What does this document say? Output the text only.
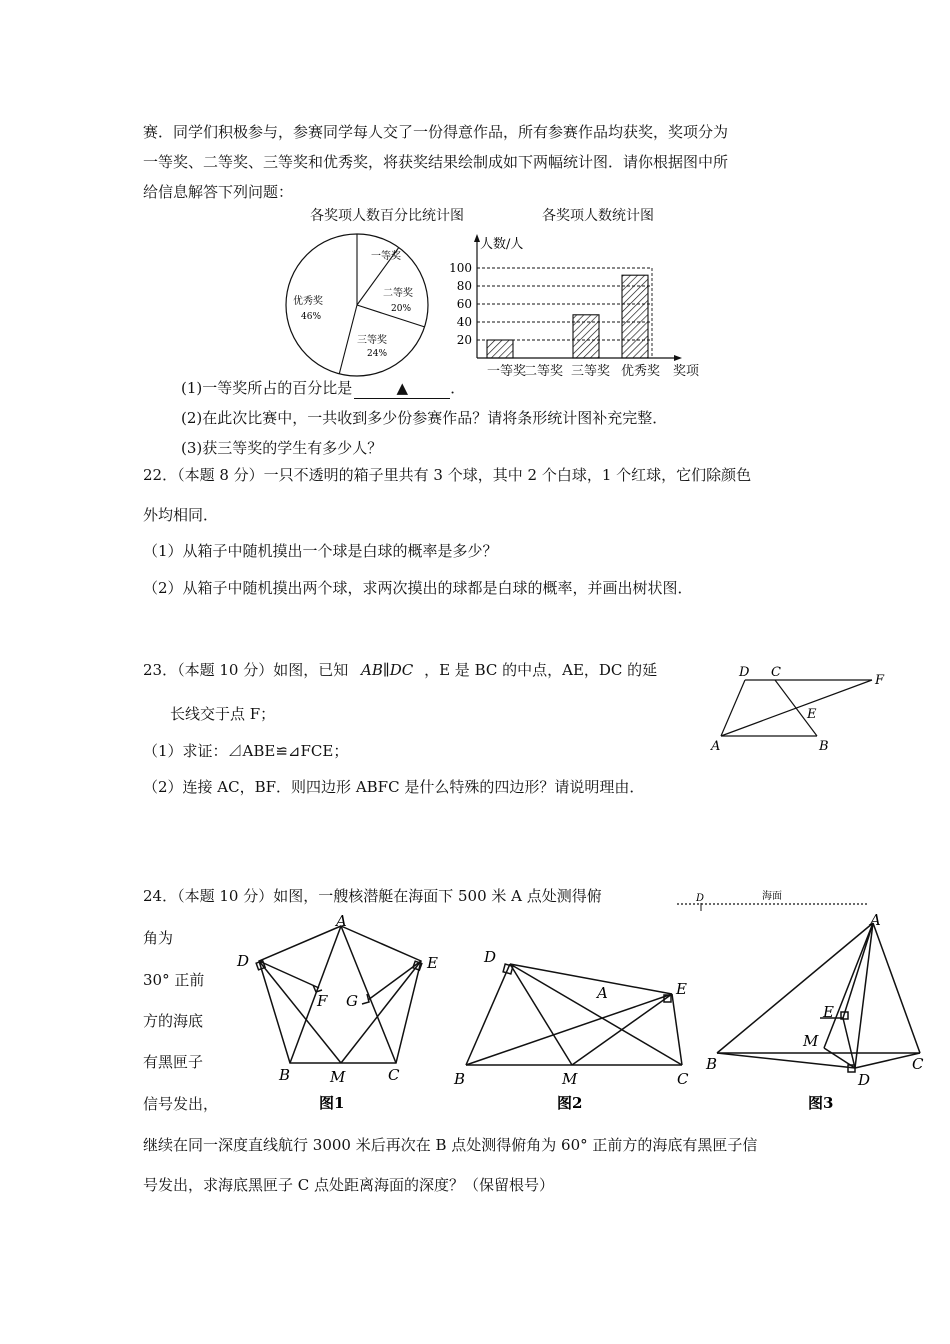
赛．同学们积极参与，参赛同学每人交了一份得意作品，所有参赛作品均获奖，奖项分为
一等奖、二等奖、三等奖和优秀奖，将获奖结果绘制成如下两幅统计图．请你根据图中所
给信息解答下列问题：
各奖项人数百分比统计图	各奖项人数统计图
一等奖
二等奖
20%
三等奖
24%
优秀奖
46%
人数/人
20
40
60
80
100
一等奖
二等奖 三等奖 优秀奖 奖项
(1)一等奖所占的百分比是	▲	．
(2)在此次比赛中，一共收到多少份参赛作品？请将条形统计图补充完整．
(3)获三等奖的学生有多少人？
22．（本题 8 分）一只不透明的箱子里共有 3 个球，其中 2 个白球，1 个红球，它们除颜色
外均相同．
（1）从箱子中随机摸出一个球是白球的概率是多少？
（2）从箱子中随机摸出两个球，求两次摸出的球都是白球的概率，并画出树状图．
23．（本题 10 分）如图，已知 AB∥DC ，E 是 BC 的中点，AE，DC 的延
长线交于点 F；
（1）求证：⊿ABE≌⊿FCE；
（2）连接 AC，BF．则四边形 ABFC 是什么特殊的四边形？请说明理由．
D C
F
E
A	B
24．（本题 10 分）如图，一艘核潜艇在海面下 500 米 A 点处测得俯
角为
30° 正前
方的海底
有黑匣子
信号发出，
继续在同一深度直线航行 3000 米后再次在 B 点处测得俯角为 60° 正前方的海底有黑匣子信
号发出，求海底黑匣子 C 点处距离海面的深度？（保留根号）
D	海面
A
D	E
F G
B	M	C
图1
D
A	E
B	M	C
图2
A
E
M
B
D
C
图3
